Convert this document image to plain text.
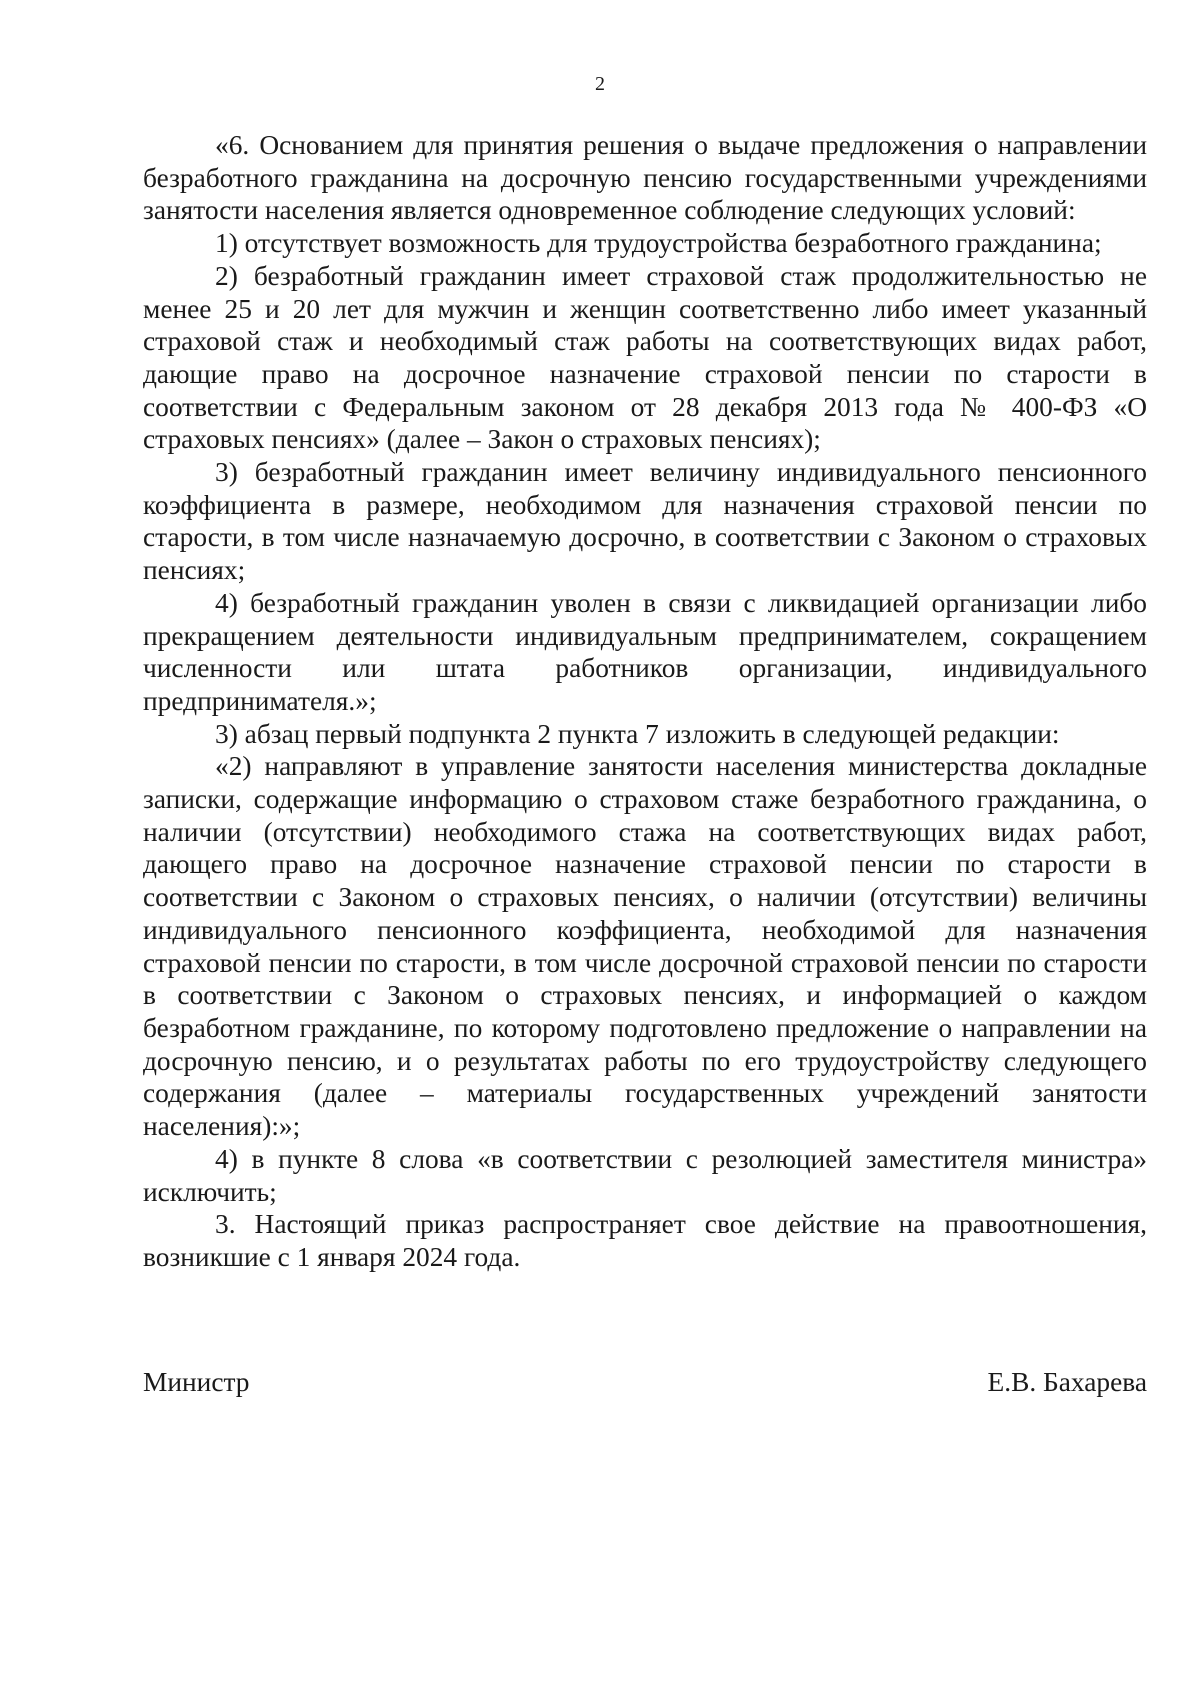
2

«6. Основанием для принятия решения о выдаче предложения о направлении безработного гражданина на досрочную пенсию государственными учреждениями занятости населения является одновременное соблюдение следующих условий:

1) отсутствует возможность для трудоустройства безработного гражданина;

2) безработный гражданин имеет страховой стаж продолжительностью не менее 25 и 20 лет для мужчин и женщин соответственно либо имеет указанный страховой стаж и необходимый стаж работы на соответствующих видах работ, дающие право на досрочное назначение страховой пенсии по старости в соответствии с Федеральным законом от 28 декабря 2013 года № 400-ФЗ «О страховых пенсиях» (далее – Закон о страховых пенсиях);

3) безработный гражданин имеет величину индивидуального пенсионного коэффициента в размере, необходимом для назначения страховой пенсии по старости, в том числе назначаемую досрочно, в соответствии с Законом о страховых пенсиях;

4) безработный гражданин уволен в связи с ликвидацией организации либо прекращением деятельности индивидуальным предпринимателем, сокращением численности или штата работников организации, индивидуального предпринимателя.»;

3) абзац первый подпункта 2 пункта 7 изложить в следующей редакции:

«2) направляют в управление занятости населения министерства докладные записки, содержащие информацию о страховом стаже безработного гражданина, о наличии (отсутствии) необходимого стажа на соответствующих видах работ, дающего право на досрочное назначение страховой пенсии по старости в соответствии с Законом о страховых пенсиях, о наличии (отсутствии) величины индивидуального пенсионного коэффициента, необходимой для назначения страховой пенсии по старости, в том числе досрочной страховой пенсии по старости в соответствии с Законом о страховых пенсиях, и информацией о каждом безработном гражданине, по которому подготовлено предложение о направлении на досрочную пенсию, и о результатах работы по его трудоустройству следующего содержания (далее – материалы государственных учреждений занятости населения):»;

4) в пункте 8 слова «в соответствии с резолюцией заместителя министра» исключить;

3. Настоящий приказ распространяет свое действие на правоотношения, возникшие с 1 января 2024 года.

Министр	Е.В. Бахарева
